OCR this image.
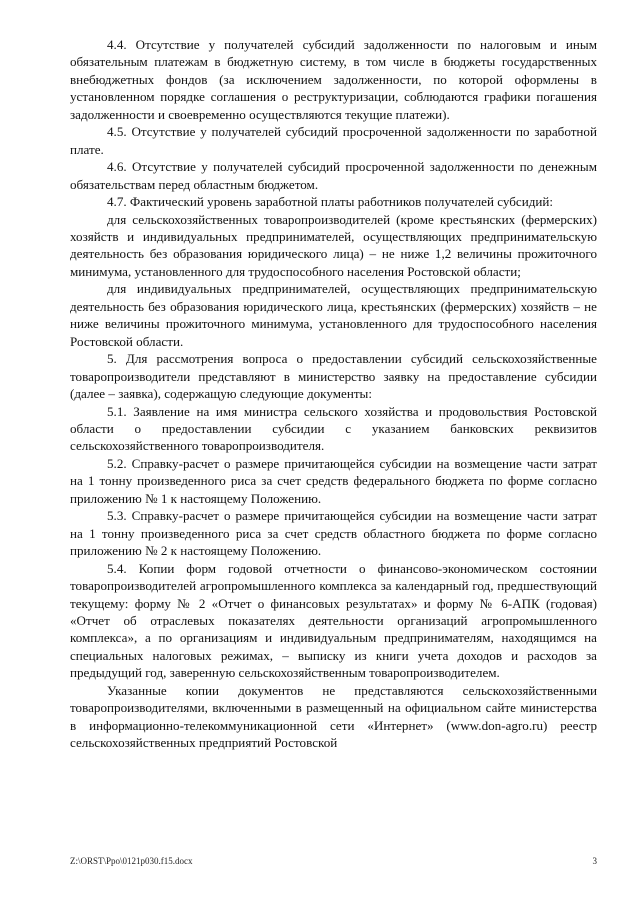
4.4. Отсутствие у получателей субсидий задолженности по налоговым и иным обязательным платежам в бюджетную систему, в том числе в бюджеты государственных внебюджетных фондов (за исключением задолженности, по которой оформлены в установленном порядке соглашения о реструктуризации, соблюдаются графики погашения задолженности и своевременно осуществляются текущие платежи).

4.5. Отсутствие у получателей субсидий просроченной задолженности по заработной плате.

4.6. Отсутствие у получателей субсидий просроченной задолженности по денежным обязательствам перед областным бюджетом.

4.7. Фактический уровень заработной платы работников получателей субсидий:

для сельскохозяйственных товаропроизводителей (кроме крестьянских (фермерских) хозяйств и индивидуальных предпринимателей, осуществляющих предпринимательскую деятельность без образования юридического лица) – не ниже 1,2 величины прожиточного минимума, установленного для трудоспособного населения Ростовской области;

для индивидуальных предпринимателей, осуществляющих предпринимательскую деятельность без образования юридического лица, крестьянских (фермерских) хозяйств – не ниже величины прожиточного минимума, установленного для трудоспособного населения Ростовской области.

5. Для рассмотрения вопроса о предоставлении субсидий сельскохозяйственные товаропроизводители представляют в министерство заявку на предоставление субсидии (далее – заявка), содержащую следующие документы:

5.1. Заявление на имя министра сельского хозяйства и продовольствия Ростовской области о предоставлении субсидии с указанием банковских реквизитов сельскохозяйственного товаропроизводителя.

5.2. Справку-расчет о размере причитающейся субсидии на возмещение части затрат на 1 тонну произведенного риса за счет средств федерального бюджета по форме согласно приложению № 1 к настоящему Положению.

5.3. Справку-расчет о размере причитающейся субсидии на возмещение части затрат на 1 тонну произведенного риса за счет средств областного бюджета по форме согласно приложению № 2 к настоящему Положению.

5.4. Копии форм годовой отчетности о финансово-экономическом состоянии товаропроизводителей агропромышленного комплекса за календарный год, предшествующий текущему: форму № 2 «Отчет о финансовых результатах» и форму № 6-АПК (годовая) «Отчет об отраслевых показателях деятельности организаций агропромышленного комплекса», а по организациям и индивидуальным предпринимателям, находящимся на специальных налоговых режимах, – выписку из книги учета доходов и расходов за предыдущий год, заверенную сельскохозяйственным товаропроизводителем.

Указанные копии документов не представляются сельскохозяйственными товаропроизводителями, включенными в размещенный на официальном сайте министерства в информационно-телекоммуникационной сети «Интернет» (www.don-agro.ru) реестр сельскохозяйственных предприятий Ростовской

Z:\ORST\Ppo\0121p030.f15.docx	3
